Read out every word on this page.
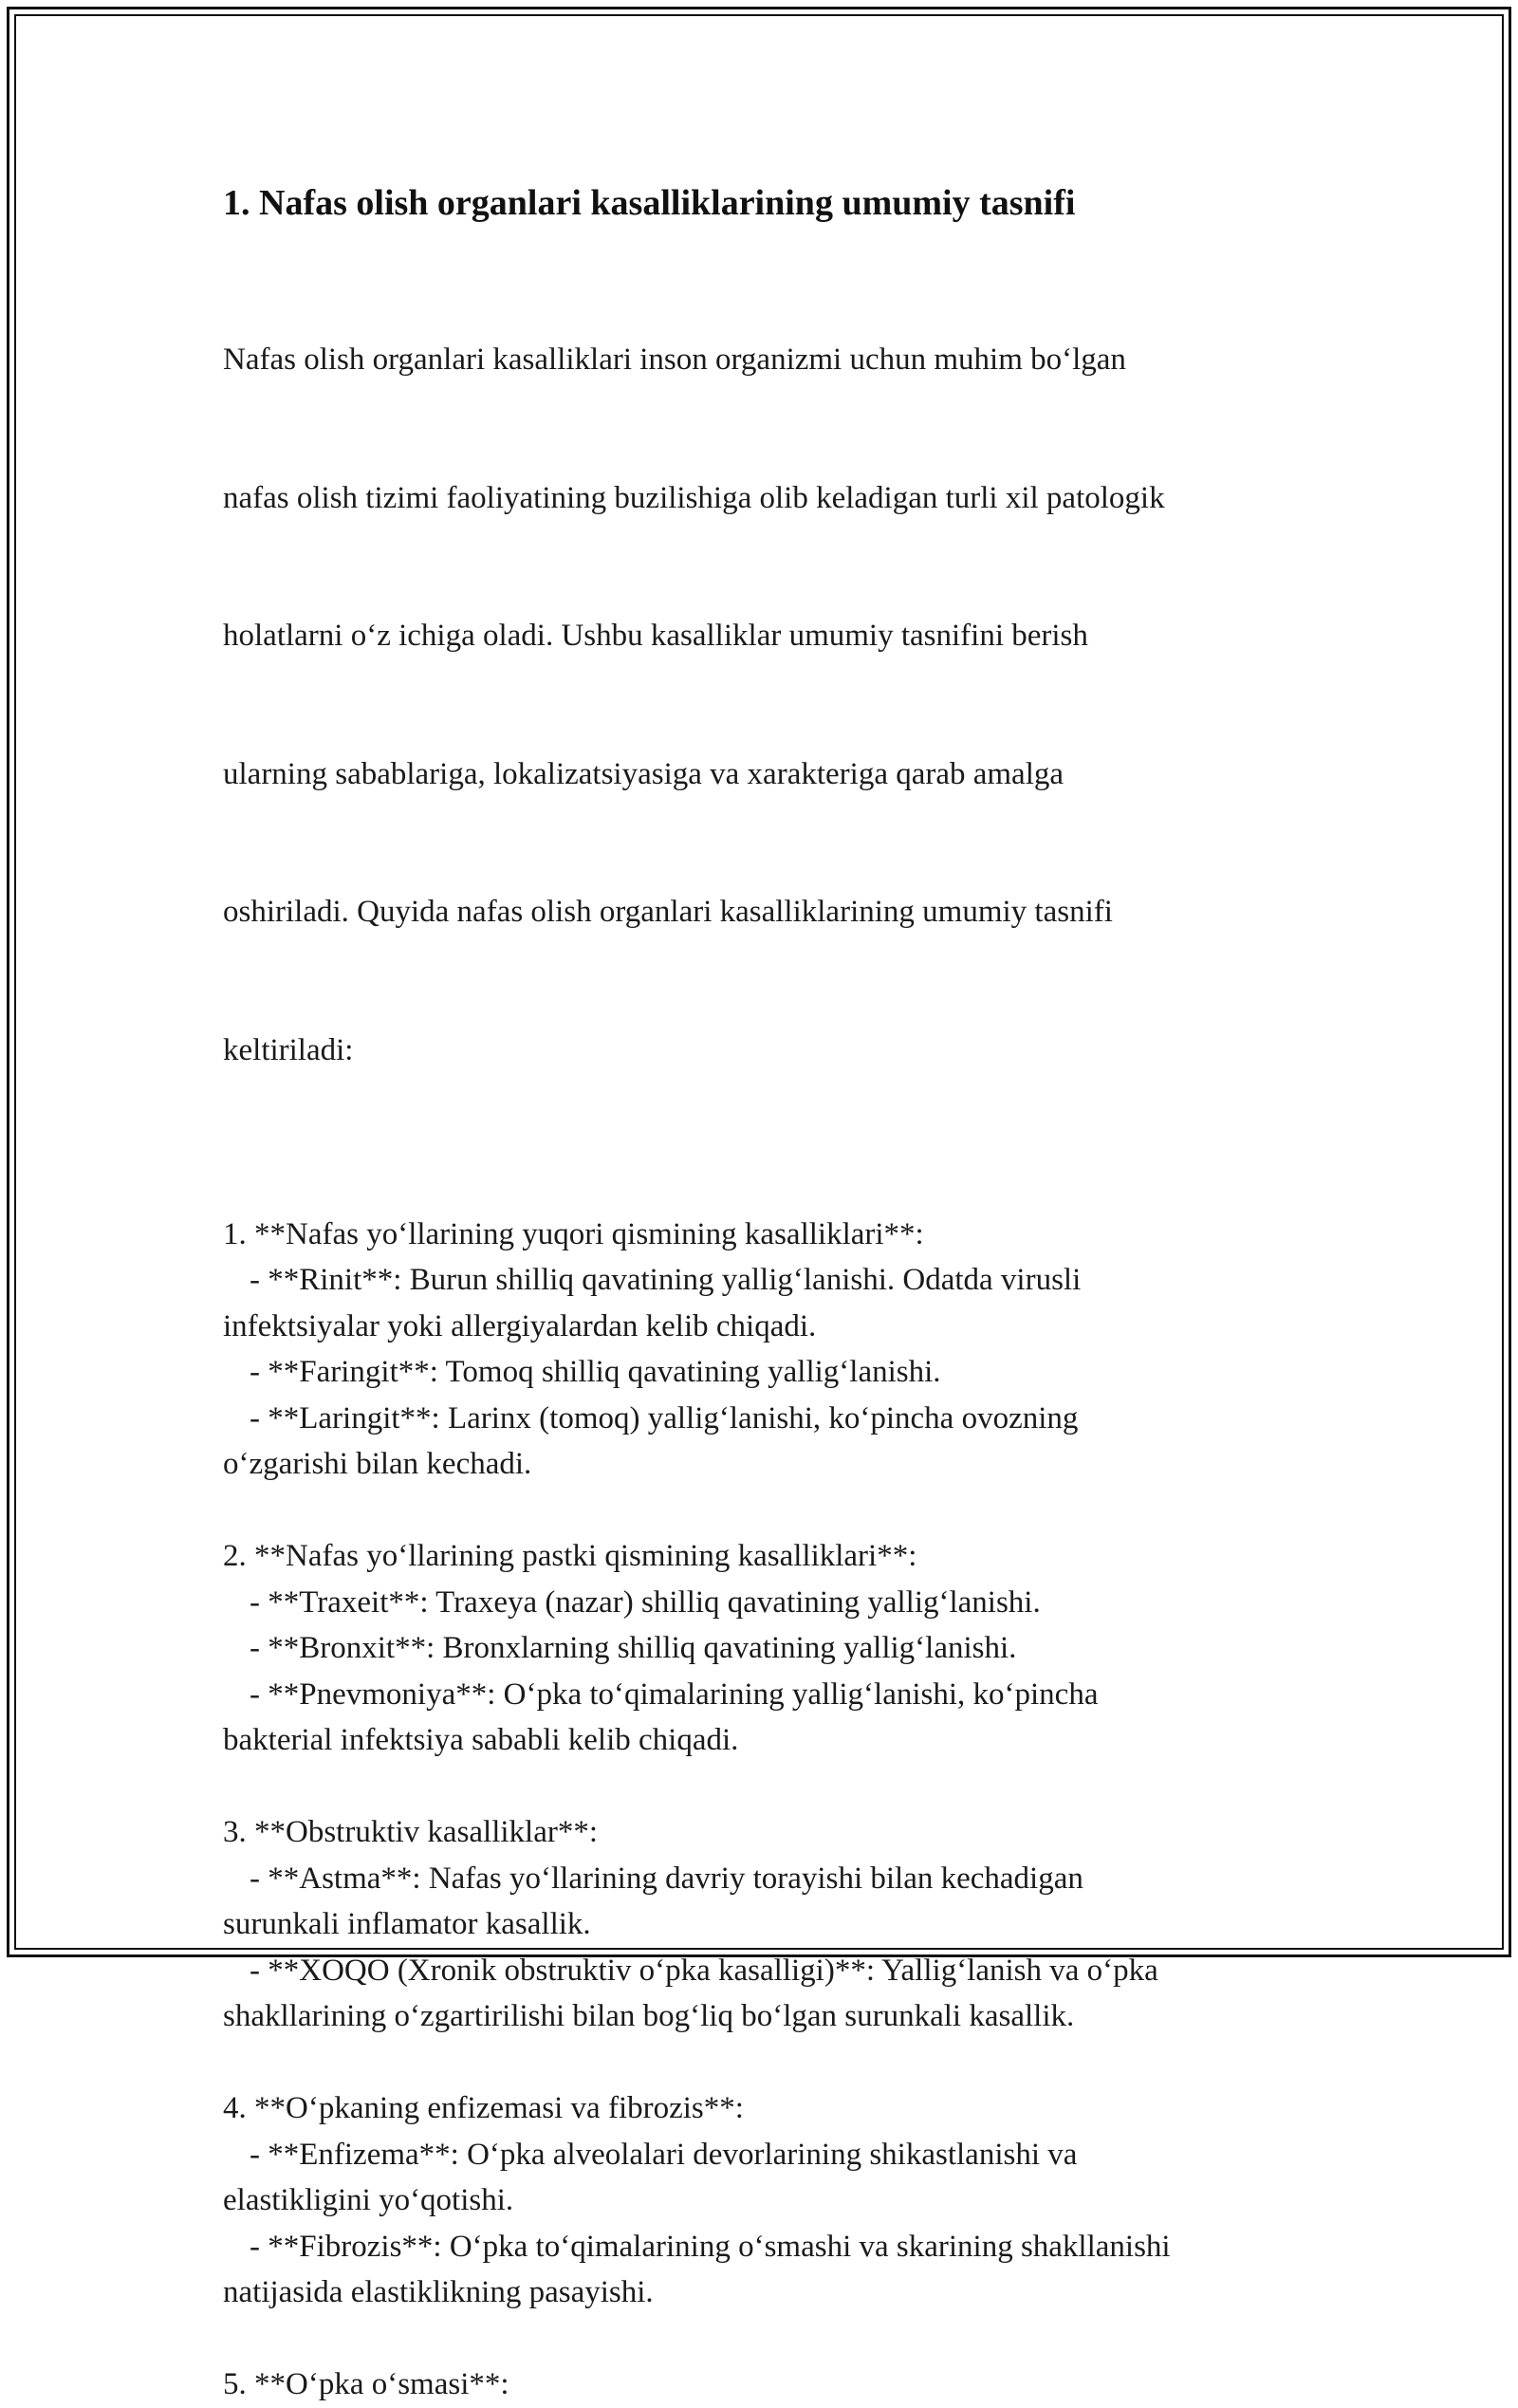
1. Nafas olish organlari kasalliklarining umumiy tasnifi

Nafas olish organlari kasalliklari inson organizmi uchun muhim boʻlgan

nafas olish tizimi faoliyatining buzilishiga olib keladigan turli xil patologik

holatlarni oʻz ichiga oladi. Ushbu kasalliklar umumiy tasnifini berish

ularning sabablariga, lokalizatsiyasiga va xarakteriga qarab amalga

oshiriladi. Quyida nafas olish organlari kasalliklarining umumiy tasnifi

keltiriladi:

1. **Nafas yoʻllarining yuqori qismining kasalliklari**:
- **Rinit**: Burun shilliq qavatining yalligʻlanishi. Odatda virusli
infektsiyalar yoki allergiyalardan kelib chiqadi.
- **Faringit**: Tomoq shilliq qavatining yalligʻlanishi.
- **Laringit**: Larinx (tomoq) yalligʻlanishi, koʻpincha ovozning
oʻzgarishi bilan kechadi.
2. **Nafas yoʻllarining pastki qismining kasalliklari**:
- **Traxeit**: Traxeya (nazar) shilliq qavatining yalligʻlanishi.
- **Bronxit**: Bronxlarning shilliq qavatining yalligʻlanishi.
- **Pnevmoniya**: Oʻpka toʻqimalarining yalligʻlanishi, koʻpincha
bakterial infektsiya sababli kelib chiqadi.
3. **Obstruktiv kasalliklar**:
- **Astma**: Nafas yoʻllarining davriy torayishi bilan kechadigan
surunkali inflamator kasallik.
- **XOQO (Xronik obstruktiv oʻpka kasalligi)**: Yalligʻlanish va oʻpka
shakllarining oʻzgartirilishi bilan bogʻliq boʻlgan surunkali kasallik.
4. **Oʻpkaning enfizemasi va fibrozis**:
- **Enfizema**: Oʻpka alveolalari devorlarining shikastlanishi va
elastikligini yoʻqotishi.
- **Fibrozis**: Oʻpka toʻqimalarining oʻsmashi va skarining shakllanishi
natijasida elastiklikning pasayishi.
5. **Oʻpka oʻsmasi**:
